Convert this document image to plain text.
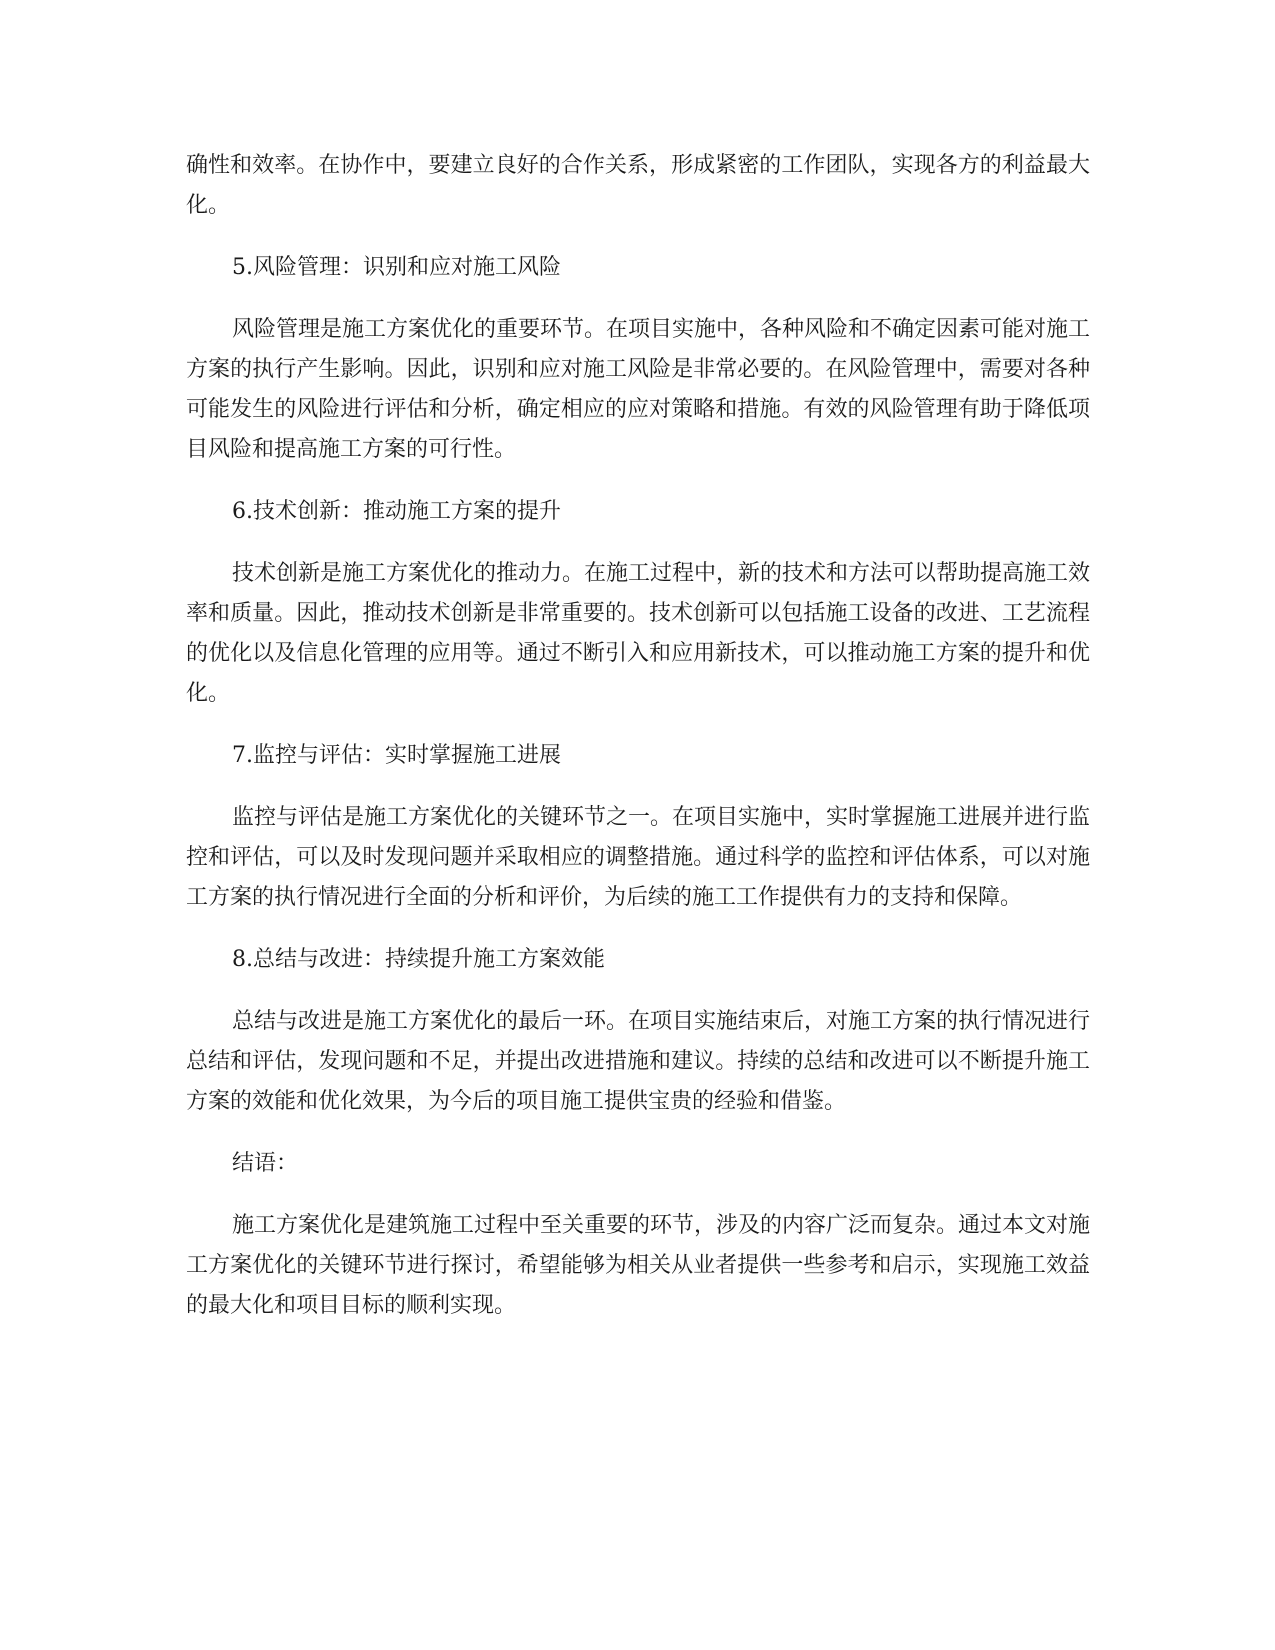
确性和效率。在协作中，要建立良好的合作关系，形成紧密的工作团队，实现各方的利益最大化。

5.风险管理：识别和应对施工风险

风险管理是施工方案优化的重要环节。在项目实施中，各种风险和不确定因素可能对施工方案的执行产生影响。因此，识别和应对施工风险是非常必要的。在风险管理中，需要对各种可能发生的风险进行评估和分析，确定相应的应对策略和措施。有效的风险管理有助于降低项目风险和提高施工方案的可行性。

6.技术创新：推动施工方案的提升

技术创新是施工方案优化的推动力。在施工过程中，新的技术和方法可以帮助提高施工效率和质量。因此，推动技术创新是非常重要的。技术创新可以包括施工设备的改进、工艺流程的优化以及信息化管理的应用等。通过不断引入和应用新技术，可以推动施工方案的提升和优化。

7.监控与评估：实时掌握施工进展

监控与评估是施工方案优化的关键环节之一。在项目实施中，实时掌握施工进展并进行监控和评估，可以及时发现问题并采取相应的调整措施。通过科学的监控和评估体系，可以对施工方案的执行情况进行全面的分析和评价，为后续的施工工作提供有力的支持和保障。

8.总结与改进：持续提升施工方案效能

总结与改进是施工方案优化的最后一环。在项目实施结束后，对施工方案的执行情况进行总结和评估，发现问题和不足，并提出改进措施和建议。持续的总结和改进可以不断提升施工方案的效能和优化效果，为今后的项目施工提供宝贵的经验和借鉴。

结语：

施工方案优化是建筑施工过程中至关重要的环节，涉及的内容广泛而复杂。通过本文对施工方案优化的关键环节进行探讨，希望能够为相关从业者提供一些参考和启示，实现施工效益的最大化和项目目标的顺利实现。
